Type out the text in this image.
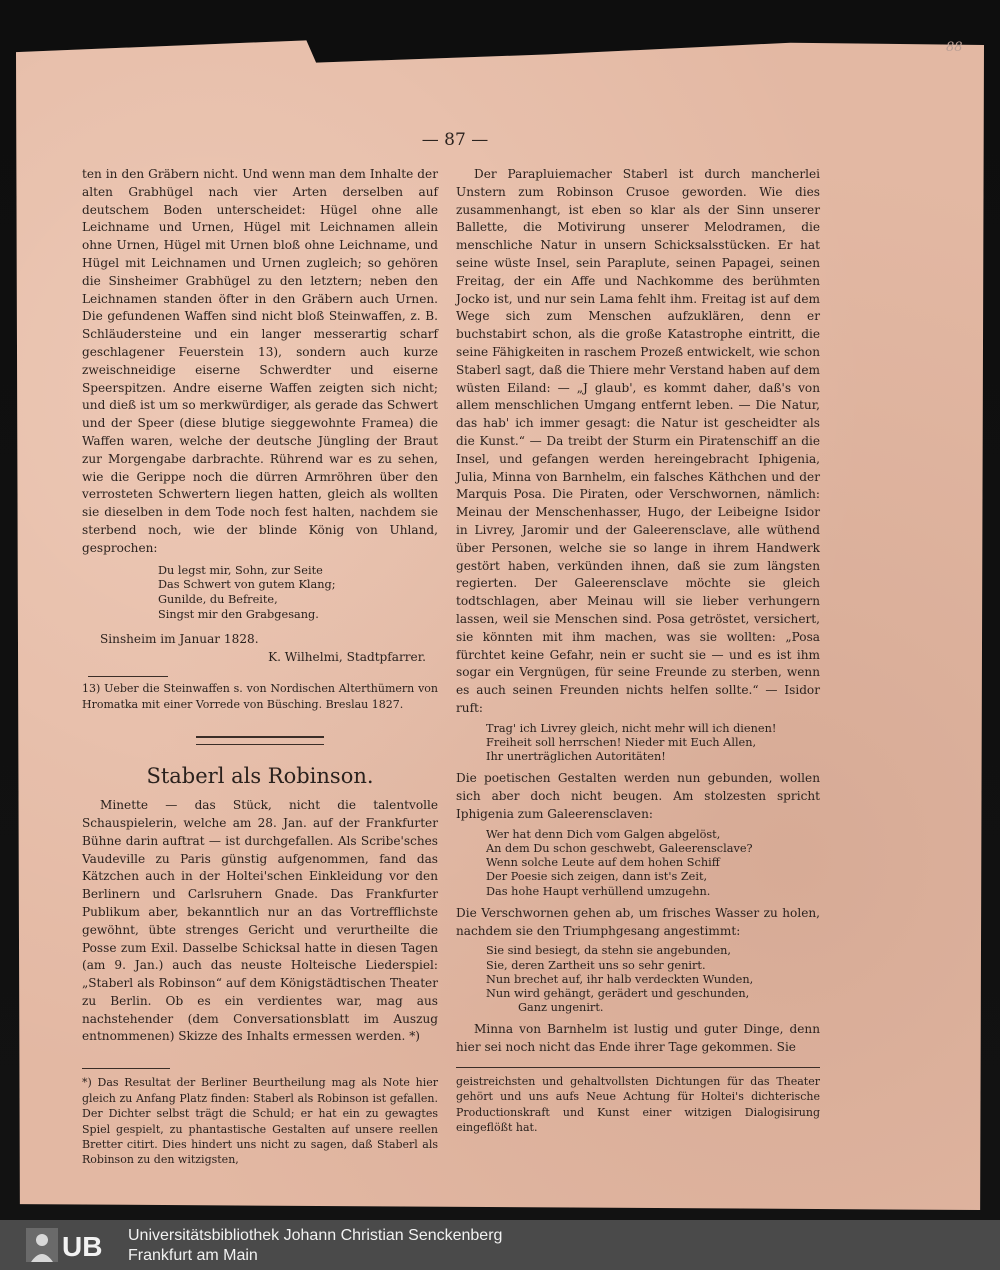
88
— 87 —

ten in den Gräbern nicht. Und wenn man dem Inhalte der alten Grabhügel nach vier Arten derselben auf deutschem Boden unterscheidet: Hügel ohne alle Leichname und Urnen, Hügel mit Leichnamen allein ohne Urnen, Hügel mit Urnen bloß ohne Leichname, und Hügel mit Leichnamen und Urnen zugleich; so gehören die Sinsheimer Grabhügel zu den letztern; neben den Leichnamen standen öfter in den Gräbern auch Urnen. Die gefundenen Waffen sind nicht bloß Steinwaffen, z. B. Schläudersteine und ein langer messerartig scharf geschlagener Feuerstein 13), sondern auch kurze zweischneidige eiserne Schwerdter und eiserne Speerspitzen. Andre eiserne Waffen zeigten sich nicht; und dieß ist um so merkwürdiger, als gerade das Schwert und der Speer (diese blutige sieggewohnte Framea) die Waffen waren, welche der deutsche Jüngling der Braut zur Morgengabe darbrachte. Rührend war es zu sehen, wie die Gerippe noch die dürren Armröhren über den verrosteten Schwertern liegen hatten, gleich als wollten sie dieselben in dem Tode noch fest halten, nachdem sie sterbend noch, wie der blinde König von Uhland, gesprochen:

Du legst mir, Sohn, zur Seite
Das Schwert von gutem Klang;
Gunilde, du Befreite,
Singst mir den Grabgesang.

Sinsheim im Januar 1828.

K. Wilhelmi, Stadtpfarrer.

13) Ueber die Steinwaffen s. von Nordischen Alterthümern von Hromatka mit einer Vorrede von Büsching. Breslau 1827.

Staberl als Robinson.

Minette — das Stück, nicht die talentvolle Schauspielerin, welche am 28. Jan. auf der Frankfurter Bühne darin auftrat — ist durchgefallen. Als Scribe'sches Vaudeville zu Paris günstig aufgenommen, fand das Kätzchen auch in der Holtei'schen Einkleidung vor den Berlinern und Carlsruhern Gnade. Das Frankfurter Publikum aber, bekanntlich nur an das Vortrefflichste gewöhnt, übte strenges Gericht und verurtheilte die Posse zum Exil. Dasselbe Schicksal hatte in diesen Tagen (am 9. Jan.) auch das neuste Holteische Liederspiel: „Staberl als Robinson“ auf dem Königstädtischen Theater zu Berlin. Ob es ein verdientes war, mag aus nachstehender (dem Conversationsblatt im Auszug entnommenen) Skizze des Inhalts ermessen werden. *)

*) Das Resultat der Berliner Beurtheilung mag als Note hier gleich zu Anfang Platz finden: Staberl als Robinson ist gefallen. Der Dichter selbst trägt die Schuld; er hat ein zu gewagtes Spiel gespielt, zu phantastische Gestalten auf unsere reellen Bretter citirt. Dies hindert uns nicht zu sagen, daß Staberl als Robinson zu den witzigsten,

Der Parapluiemacher Staberl ist durch mancherlei Unstern zum Robinson Crusoe geworden. Wie dies zusammenhangt, ist eben so klar als der Sinn unserer Ballette, die Motivirung unserer Melodramen, die menschliche Natur in unsern Schicksalsstücken. Er hat seine wüste Insel, sein Paraplute, seinen Papagei, seinen Freitag, der ein Affe und Nachkomme des berühmten Jocko ist, und nur sein Lama fehlt ihm. Freitag ist auf dem Wege sich zum Menschen aufzuklären, denn er buchstabirt schon, als die große Katastrophe eintritt, die seine Fähigkeiten in raschem Prozeß entwickelt, wie schon Staberl sagt, daß die Thiere mehr Verstand haben auf dem wüsten Eiland: — „J glaub', es kommt daher, daß's von allem menschlichen Umgang entfernt leben. — Die Natur, das hab' ich immer gesagt: die Natur ist gescheidter als die Kunst.“ — Da treibt der Sturm ein Piratenschiff an die Insel, und gefangen werden hereingebracht Iphigenia, Julia, Minna von Barnhelm, ein falsches Käthchen und der Marquis Posa. Die Piraten, oder Verschwornen, nämlich: Meinau der Menschenhasser, Hugo, der Leibeigne Isidor in Livrey, Jaromir und der Galeerensclave, alle wüthend über Personen, welche sie so lange in ihrem Handwerk gestört haben, verkünden ihnen, daß sie zum längsten regierten. Der Galeerensclave möchte sie gleich todtschlagen, aber Meinau will sie lieber verhungern lassen, weil sie Menschen sind. Posa getröstet, versichert, sie könnten mit ihm machen, was sie wollten: „Posa fürchtet keine Gefahr, nein er sucht sie — und es ist ihm sogar ein Vergnügen, für seine Freunde zu sterben, wenn es auch seinen Freunden nichts helfen sollte.“ — Isidor ruft:

Trag' ich Livrey gleich, nicht mehr will ich dienen!
Freiheit soll herrschen! Nieder mit Euch Allen,
Ihr unerträglichen Autoritäten!

Die poetischen Gestalten werden nun gebunden, wollen sich aber doch nicht beugen. Am stolzesten spricht Iphigenia zum Galeerensclaven:

Wer hat denn Dich vom Galgen abgelöst,
An dem Du schon geschwebt, Galeerensclave?
Wenn solche Leute auf dem hohen Schiff
Der Poesie sich zeigen, dann ist's Zeit,
Das hohe Haupt verhüllend umzugehn.

Die Verschwornen gehen ab, um frisches Wasser zu holen, nachdem sie den Triumphgesang angestimmt:

Sie sind besiegt, da stehn sie angebunden,
Sie, deren Zartheit uns so sehr genirt.
Nun brechet auf, ihr halb verdeckten Wunden,
Nun wird gehängt, gerädert und geschunden,
Ganz ungenirt.

Minna von Barnhelm ist lustig und guter Dinge, denn hier sei noch nicht das Ende ihrer Tage gekommen. Sie

geistreichsten und gehaltvollsten Dichtungen für das Theater gehört und uns aufs Neue Achtung für Holtei's dichterische Productionskraft und Kunst einer witzigen Dialogisirung eingeflößt hat.

UB Universitätsbibliothek Johann Christian Senckenberg
Frankfurt am Main
